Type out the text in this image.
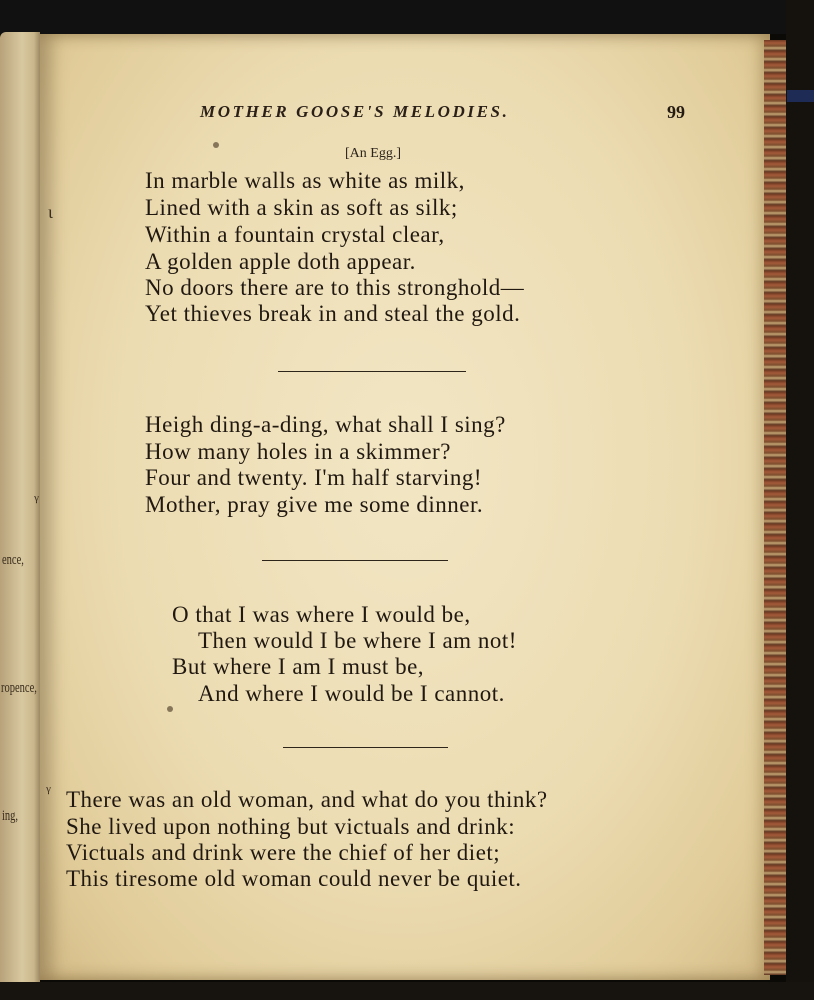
MOTHER GOOSE'S MELODIES.	99
[An Egg.]
In marble walls as white as milk,
Lined with a skin as soft as silk;
Within a fountain crystal clear,
A golden apple doth appear.
No doors there are to this stronghold—
Yet thieves break in and steal the gold.
Heigh ding-a-ding, what shall I sing?
How many holes in a skimmer?
Four and twenty. I'm half starving!
Mother, pray give me some dinner.
O that I was where I would be,
Then would I be where I am not!
But where I am I must be,
And where I would be I cannot.
There was an old woman, and what do you think?
She lived upon nothing but victuals and drink:
Victuals and drink were the chief of her diet;
This tiresome old woman could never be quiet.
ence,
ropence,
ing,
ι
ᵞ
ᵞ
